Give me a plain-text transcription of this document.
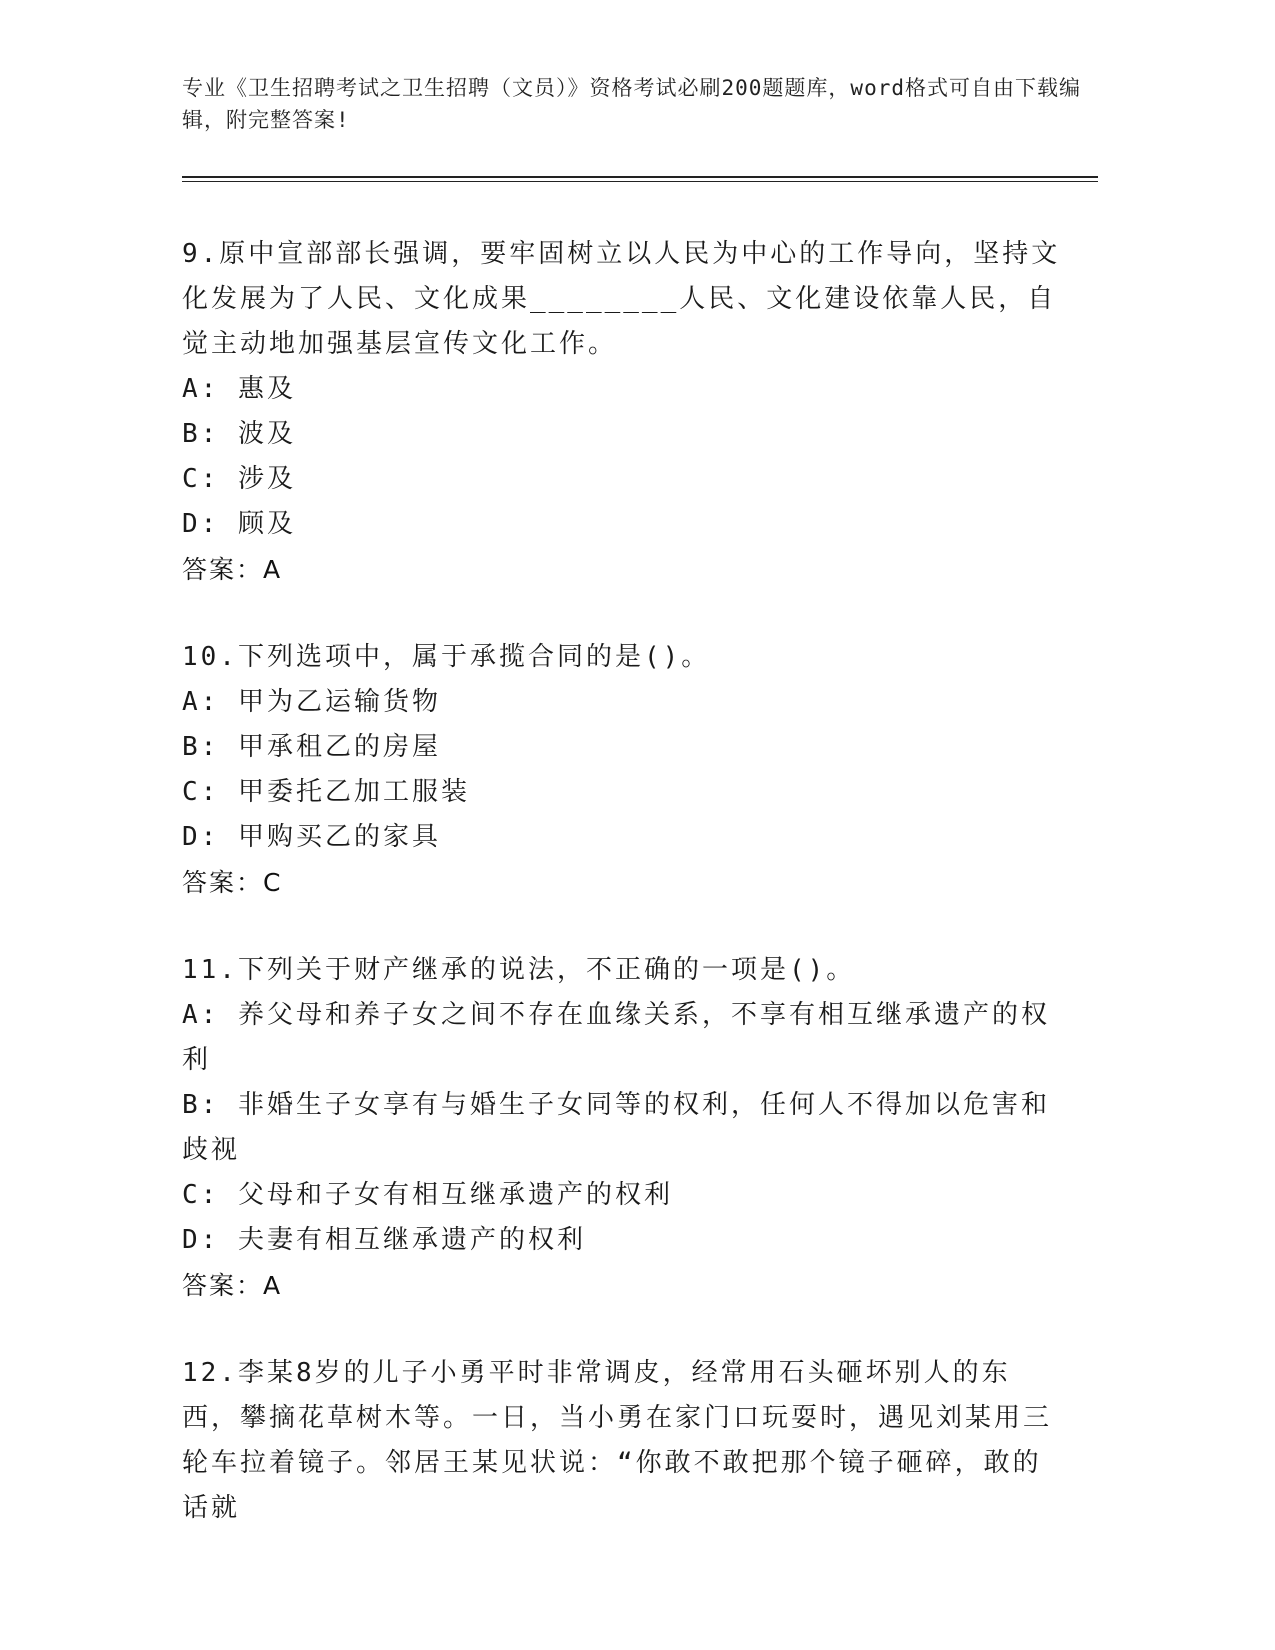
专业《卫生招聘考试之卫生招聘（文员）》资格考试必刷200题题库，word格式可自由下载编辑，附完整答案!
9.原中宣部部长强调，要牢固树立以人民为中心的工作导向，坚持文化发展为了人民、文化成果________人民、文化建设依靠人民，自觉主动地加强基层宣传文化工作。
A: 惠及
B: 波及
C: 涉及
D: 顾及
答案：A
10.下列选项中，属于承揽合同的是()。
A: 甲为乙运输货物
B: 甲承租乙的房屋
C: 甲委托乙加工服装
D: 甲购买乙的家具
答案：C
11.下列关于财产继承的说法，不正确的一项是()。
A: 养父母和养子女之间不存在血缘关系，不享有相互继承遗产的权利
B: 非婚生子女享有与婚生子女同等的权利，任何人不得加以危害和歧视
C: 父母和子女有相互继承遗产的权利
D: 夫妻有相互继承遗产的权利
答案：A
12.李某8岁的儿子小勇平时非常调皮，经常用石头砸坏别人的东西，攀摘花草树木等。一日，当小勇在家门口玩耍时，遇见刘某用三轮车拉着镜子。邻居王某见状说：“你敢不敢把那个镜子砸碎，敢的话就
